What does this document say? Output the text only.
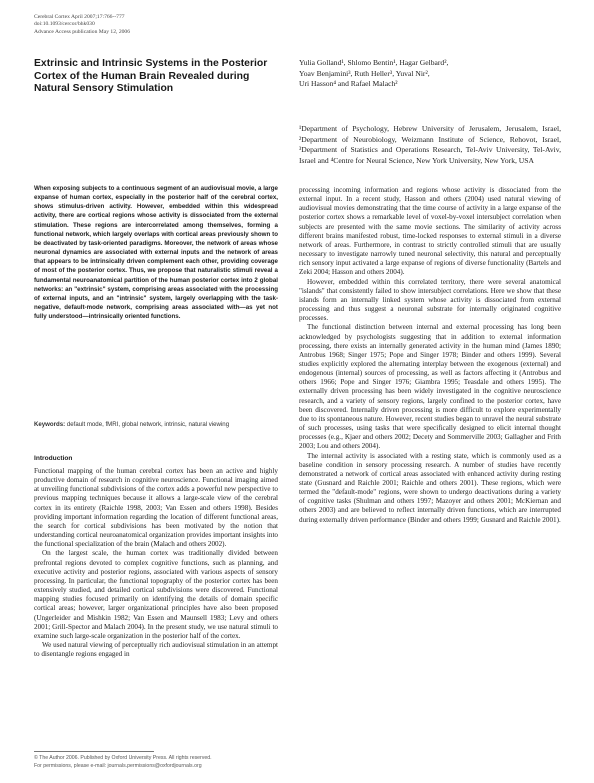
Cerebral Cortex April 2007;17:766--777
doi:10.1093/cercor/bhk030
Advance Access publication May 12, 2006
Extrinsic and Intrinsic Systems in the Posterior Cortex of the Human Brain Revealed during Natural Sensory Stimulation
Yulia Golland¹, Shlomo Bentin¹, Hagar Gelbard²,
Yoav Benjamini³, Ruth Heller³, Yuval Nir²,
Uri Hasson⁴ and Rafael Malach²
¹Department of Psychology, Hebrew University of Jerusalem, Jerusalem, Israel, ²Department of Neurobiology, Weizmann Institute of Science, Rehovot, Israel, ³Department of Statistics and Operations Research, Tel-Aviv University, Tel-Aviv, Israel and ⁴Centre for Neural Science, New York University, New York, USA
When exposing subjects to a continuous segment of an audiovisual movie, a large expanse of human cortex, especially in the posterior half of the cerebral cortex, shows stimulus-driven activity. However, embedded within this widespread activity, there are cortical regions whose activity is dissociated from the external stimulation. These regions are intercorrelated among themselves, forming a functional network, which largely overlaps with cortical areas previously shown to be deactivated by task-oriented paradigms. Moreover, the network of areas whose neuronal dynamics are associated with external inputs and the network of areas that appears to be intrinsically driven complement each other, providing coverage of most of the posterior cortex. Thus, we propose that naturalistic stimuli reveal a fundamental neuroanatomical partition of the human posterior cortex into 2 global networks: an "extrinsic" system, comprising areas associated with the processing of external inputs, and an "intrinsic" system, largely overlapping with the task-negative, default-mode network, comprising areas associated with—as yet not fully understood—intrinsically oriented functions.
Keywords: default mode, fMRI, global network, intrinsic, natural viewing
Introduction

Functional mapping of the human cerebral cortex has been an active and highly productive domain of research in cognitive neuroscience. Functional imaging aimed at unveiling functional subdivisions of the cortex adds a powerful new perspective to previous mapping techniques because it allows a large-scale view of the cerebral cortex in its entirety (Raichle 1998, 2003; Van Essen and others 1998). Besides providing important information regarding the location of different functional areas, the search for cortical subdivisions has been motivated by the notion that understanding cortical neuroanatomical organization provides important insights into the functional specialization of the brain (Malach and others 2002).

On the largest scale, the human cortex was traditionally divided between prefrontal regions devoted to complex cognitive functions, such as planning, and executive activity and posterior regions, associated with various aspects of sensory processing. In particular, the functional topography of the posterior cortex has been extensively studied, and detailed cortical subdivisions were discovered. Functional mapping studies focused primarily on identifying the details of domain specific cortical areas; however, larger organizational principles have also been proposed (Ungerleider and Mishkin 1982; Van Essen and Maunsell 1983; Levy and others 2001; Grill-Spector and Malach 2004). In the present study, we use natural stimuli to examine such large-scale organization in the posterior half of the cortex.

We used natural viewing of perceptually rich audiovisual stimulation in an attempt to disentangle regions engaged in

processing incoming information and regions whose activity is dissociated from the external input. In a recent study, Hasson and others (2004) used natural viewing of audiovisual movies demonstrating that the time course of activity in a large expanse of the posterior cortex shows a remarkable level of voxel-by-voxel intersubject correlation when subjects are presented with the same movie sections. The similarity of activity across different brains manifested robust, time-locked responses to external stimuli in a diverse network of areas. Furthermore, in contrast to strictly controlled stimuli that are usually necessary to investigate narrowly tuned neuronal selectivity, this natural and perceptually rich sensory input activated a large expanse of regions of diverse functionality (Bartels and Zeki 2004; Hasson and others 2004).

However, embedded within this correlated territory, there were several anatomical "islands" that consistently failed to show intersubject correlations. Here we show that these islands form an internally linked system whose activity is dissociated from external processing and thus suggest a neuronal substrate for internally originated cognitive processes.

The functional distinction between internal and external processing has long been acknowledged by psychologists suggesting that in addition to external information processing, there exists an internally generated activity in the human mind (James 1890; Antrobus 1968; Singer 1975; Pope and Singer 1978; Binder and others 1999). Several studies explicitly explored the alternating interplay between the exogenous (external) and endogenous (internal) sources of processing, as well as factors affecting it (Antrobus and others 1966; Pope and Singer 1976; Giambra 1995; Teasdale and others 1995). The externally driven processing has been widely investigated in the cognitive neuroscience research, and a variety of sensory regions, largely confined to the posterior cortex, have been discovered. Internally driven processing is more difficult to explore experimentally due to its spontaneous nature. However, recent studies began to unravel the neural substrate of such processes, using tasks that were specifically designed to elicit internal thought processes (e.g., Kjaer and others 2002; Decety and Sommerville 2003; Gallagher and Frith 2003; Lou and others 2004).

The internal activity is associated with a resting state, which is commonly used as a baseline condition in sensory processing research. A number of studies have recently demonstrated a network of cortical areas associated with enhanced activity during resting state (Gusnard and Raichle 2001; Raichle and others 2001). These regions, which were termed the "default-mode" regions, were shown to undergo deactivations during a variety of cognitive tasks (Shulman and others 1997; Mazoyer and others 2001; McKiernan and others 2003) and are believed to reflect internally driven functions, which are interrupted during externally driven performance (Binder and others 1999; Gusnard and Raichle 2001).

© The Author 2006. Published by Oxford University Press. All rights reserved.
For permissions, please e-mail: journals.permissions@oxfordjournals.org
